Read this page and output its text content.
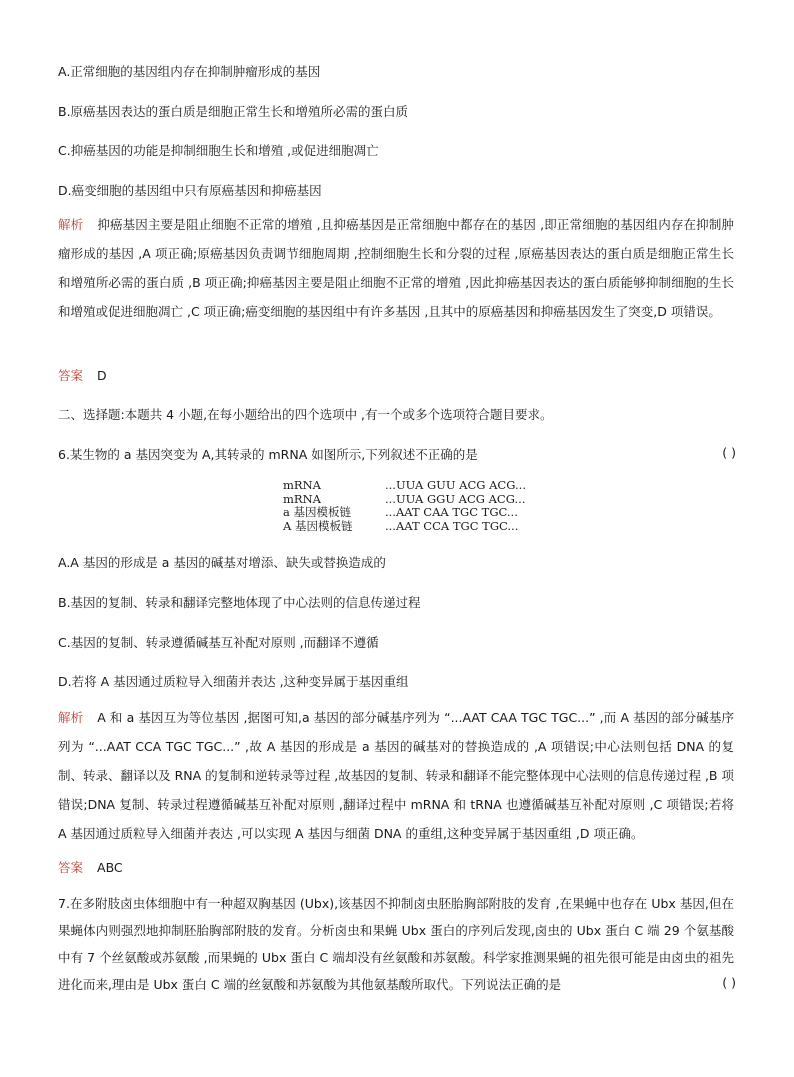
A.正常细胞的基因组内存在抑制肿瘤形成的基因
B.原癌基因表达的蛋白质是细胞正常生长和增殖所必需的蛋白质
C.抑癌基因的功能是抑制细胞生长和增殖 ,或促进细胞凋亡
D.癌变细胞的基因组中只有原癌基因和抑癌基因
解析 抑癌基因主要是阻止细胞不正常的增殖 ,且抑癌基因是正常细胞中都存在的基因 ,即正常细胞的基因组内存在抑制肿瘤形成的基因 ,A 项正确;原癌基因负责调节细胞周期 ,控制细胞生长和分裂的过程 ,原癌基因表达的蛋白质是细胞正常生长和增殖所必需的蛋白质 ,B 项正确;抑癌基因主要是阻止细胞不正常的增殖 ,因此抑癌基因表达的蛋白质能够抑制细胞的生长和增殖或促进细胞凋亡 ,C 项正确;癌变细胞的基因组中有许多基因 ,且其中的原癌基因和抑癌基因发生了突变,D 项错误。
答案 D
二、选择题:本题共 4 小题,在每小题给出的四个选项中 ,有一个或多个选项符合题目要求。
6.某生物的 a 基因突变为 A,其转录的 mRNA 如图所示,下列叙述不正确的是	( )
mRNA	...UUA GUU ACG ACG...
mRNA	...UUA GGU ACG ACG...
a 基因模板链	...AAT CAA TGC TGC...
A 基因模板链	...AAT CCA TGC TGC...
A.A 基因的形成是 a 基因的碱基对增添、缺失或替换造成的
B.基因的复制、转录和翻译完整地体现了中心法则的信息传递过程
C.基因的复制、转录遵循碱基互补配对原则 ,而翻译不遵循
D.若将 A 基因通过质粒导入细菌并表达 ,这种变异属于基因重组
解析 A 和 a 基因互为等位基因 ,据图可知,a 基因的部分碱基序列为 “...AAT CAA TGC TGC...” ,而 A 基因的部分碱基序列为 “...AAT CCA TGC TGC...” ,故 A 基因的形成是 a 基因的碱基对的替换造成的 ,A 项错误;中心法则包括 DNA 的复制、转录、翻译以及 RNA 的复制和逆转录等过程 ,故基因的复制、转录和翻译不能完整体现中心法则的信息传递过程 ,B 项错误;DNA 复制、转录过程遵循碱基互补配对原则 ,翻译过程中 mRNA 和 tRNA 也遵循碱基互补配对原则 ,C 项错误;若将 A 基因通过质粒导入细菌并表达 ,可以实现 A 基因与细菌 DNA 的重组,这种变异属于基因重组 ,D 项正确。
答案 ABC
7.在多附肢卤虫体细胞中有一种超双胸基因 (Ubx),该基因不抑制卤虫胚胎胸部附肢的发育 ,在果蝇中也存在 Ubx 基因,但在果蝇体内则强烈地抑制胚胎胸部附肢的发育。分析卤虫和果蝇 Ubx 蛋白的序列后发现,卤虫的 Ubx 蛋白 C 端 29 个氨基酸中有 7 个丝氨酸或苏氨酸 ,而果蝇的 Ubx 蛋白 C 端却没有丝氨酸和苏氨酸。科学家推测果蝇的祖先很可能是由卤虫的祖先进化而来,理由是 Ubx 蛋白 C 端的丝氨酸和苏氨酸为其他氨基酸所取代。下列说法正确的是	( )
